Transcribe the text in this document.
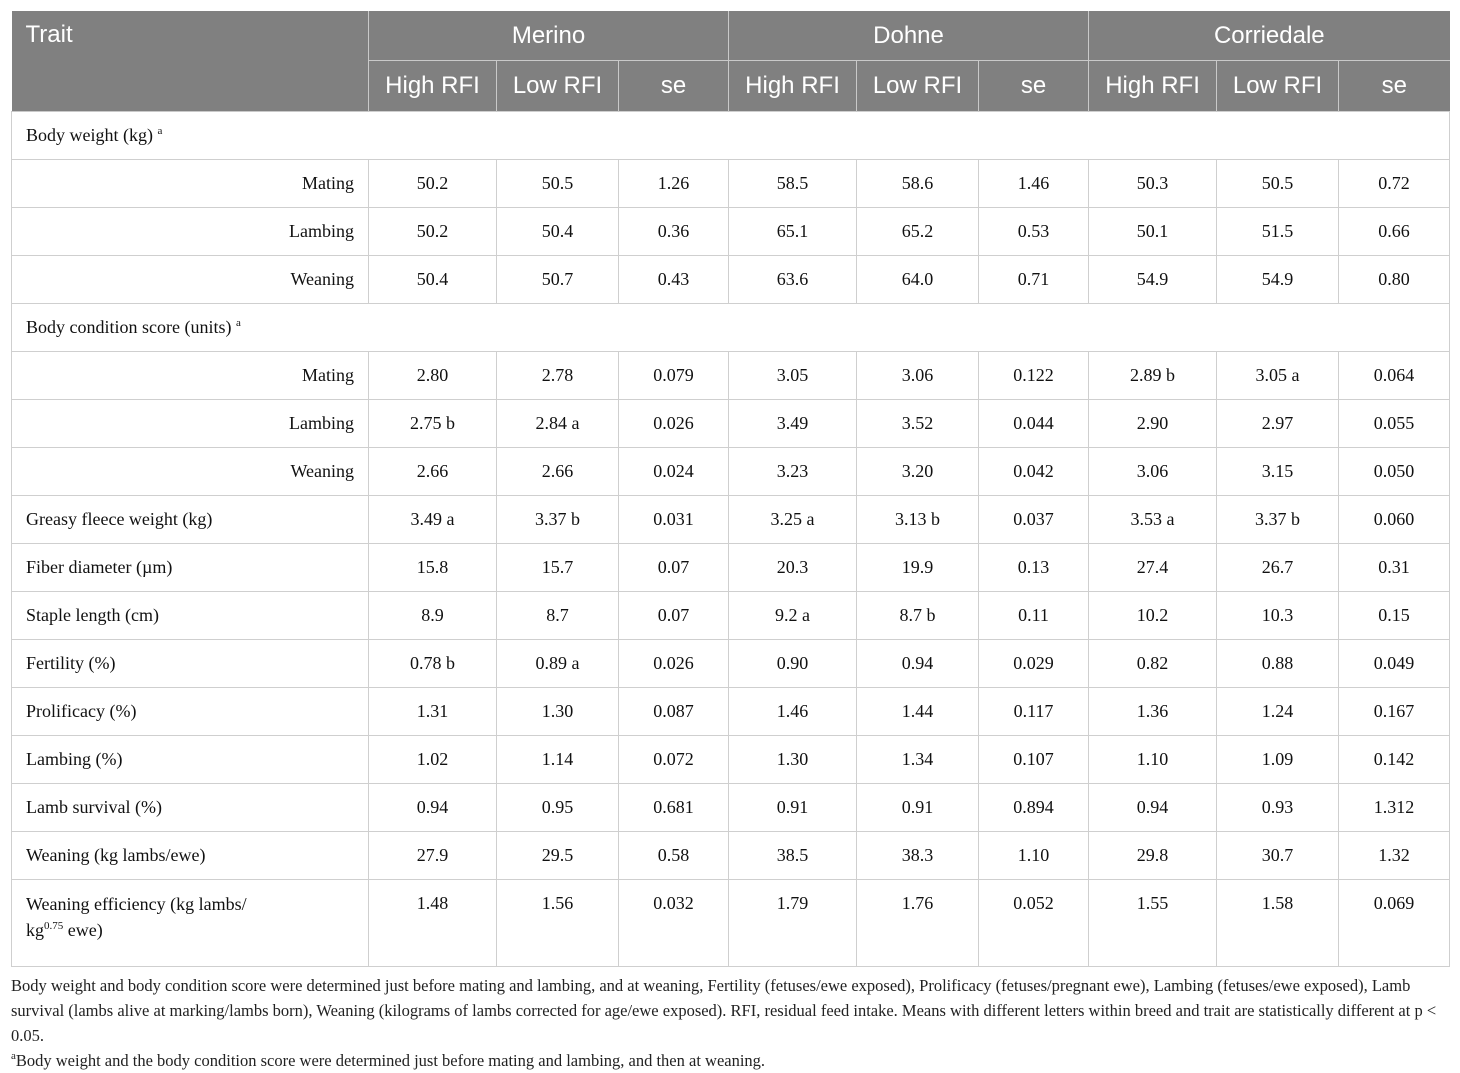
Trait	Merino			Dohne			Corriedale		
	High RFI	Low RFI	se	High RFI	Low RFI	se	High RFI	Low RFI	se
Body weight (kg) $^a$
Mating	50.2	50.5	1.26	58.5	58.6	1.46	50.3	50.5	0.72
Lambing	50.2	50.4	0.36	65.1	65.2	0.53	50.1	51.5	0.66
Weaning	50.4	50.7	0.43	63.6	64.0	0.71	54.9	54.9	0.80
Body condition score (units) $^a$
Mating	2.80	2.78	0.079	3.05	3.06	0.122	2.89 b	3.05 a	0.064
Lambing	2.75 b	2.84 a	0.026	3.49	3.52	0.044	2.90	2.97	0.055
Weaning	2.66	2.66	0.024	3.23	3.20	0.042	3.06	3.15	0.050
Greasy fleece weight (kg)	3.49 a	3.37 b	0.031	3.25 a	3.13 b	0.037	3.53 a	3.37 b	0.060
Fiber diameter (µm)	15.8	15.7	0.07	20.3	19.9	0.13	27.4	26.7	0.31
Staple length (cm)	8.9	8.7	0.07	9.2 a	8.7 b	0.11	10.2	10.3	0.15
Fertility (%)	0.78 b	0.89 a	0.026	0.90	0.94	0.029	0.82	0.88	0.049
Prolificacy (%)	1.31	1.30	0.087	1.46	1.44	0.117	1.36	1.24	0.167
Lambing (%)	1.02	1.14	0.072	1.30	1.34	0.107	1.10	1.09	0.142
Lamb survival (%)	0.94	0.95	0.681	0.91	0.91	0.894	0.94	0.93	1.312
Weaning (kg lambs/ewe)	27.9	29.5	0.58	38.5	38.3	1.10	29.8	30.7	1.32
Weaning efficiency (kg lambs/
$kg^{0.75}$ ewe)	1.48	1.56	0.032	1.79	1.76	0.052	1.55	1.58	0.069

Body weight and body condition score were determined just before mating and lambing, and at weaning, Fertility (fetuses/ewe exposed), Prolificacy (fetuses/pregnant ewe), Lambing (fetuses/ewe exposed), Lamb survival (lambs alive at marking/lambs born), Weaning (kilograms of lambs corrected for age/ewe exposed). RFI, residual feed intake. Means with different letters within breed and trait are statistically different at p < 0.05.

$^a$Body weight and the body condition score were determined just before mating and lambing, and then at weaning.
